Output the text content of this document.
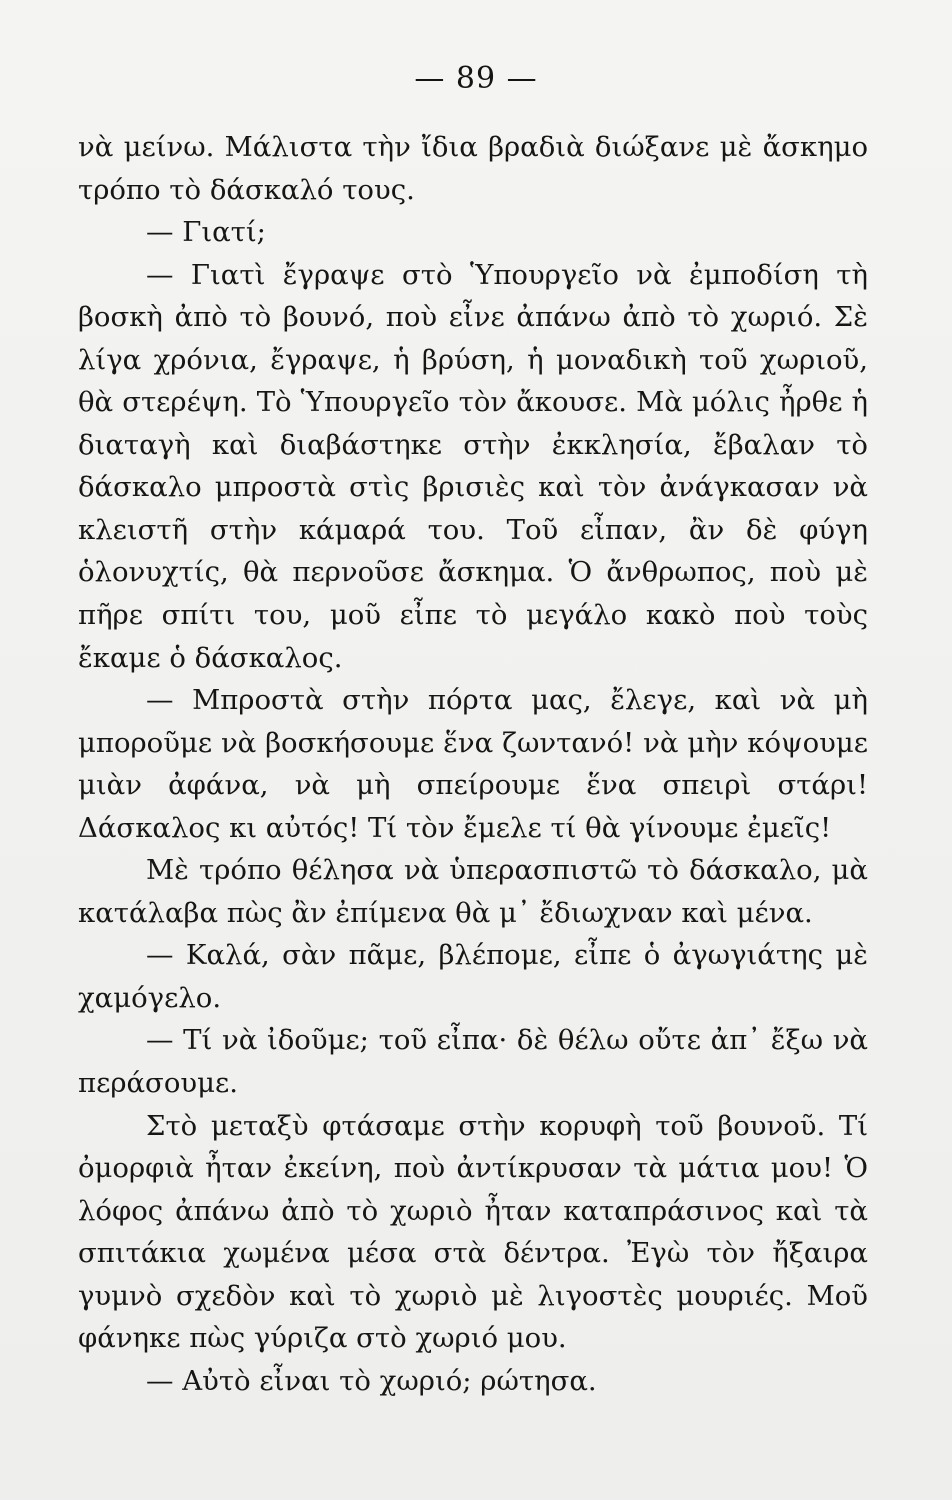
— 89 —

νὰ μείνω. Μάλιστα τὴν ἴδια βραδιὰ διώξανε μὲ ἄσκημο τρόπο τὸ δάσκαλό τους.

— Γιατί;

— Γιατὶ ἔγραψε στὸ Ὑπουργεῖο νὰ ἐμποδίση τὴ βοσκὴ ἀπὸ τὸ βουνό, ποὺ εἶνε ἀπάνω ἀπὸ τὸ χωριό. Σὲ λίγα χρόνια, ἔγραψε, ἡ βρύση, ἡ μοναδικὴ τοῦ χωριοῦ, θὰ στερέψη. Τὸ Ὑπουργεῖο τὸν ἄκουσε. Μὰ μόλις ἦρθε ἡ διαταγὴ καὶ διαβάστηκε στὴν ἐκκλησία, ἔβαλαν τὸ δάσκαλο μπροστὰ στὶς βρισιὲς καὶ τὸν ἀνάγκασαν νὰ κλειστῆ στὴν κάμαρά του. Τοῦ εἶπαν, ἂν δὲ φύγη ὁλονυχτίς, θὰ περνοῦσε ἄσκημα. Ὁ ἄνθρωπος, ποὺ μὲ πῆρε σπίτι του, μοῦ εἶπε τὸ μεγάλο κακὸ ποὺ τοὺς ἔκαμε ὁ δάσκαλος.

— Μπροστὰ στὴν πόρτα μας, ἔλεγε, καὶ νὰ μὴ μποροῦμε νὰ βοσκήσουμε ἕνα ζωντανό! νὰ μὴν κόψουμε μιὰν ἀφάνα, νὰ μὴ σπείρουμε ἕνα σπειρὶ στάρι! Δάσκαλος κι αὐτός! Τί τὸν ἔμελε τί θὰ γίνουμε ἐμεῖς!

Μὲ τρόπο θέλησα νὰ ὑπερασπιστῶ τὸ δάσκαλο, μὰ κατάλαβα πὼς ἂν ἐπίμενα θὰ μ᾽ ἔδιωχναν καὶ μένα.

— Καλά, σὰν πᾶμε, βλέπομε, εἶπε ὁ ἀγωγιάτης μὲ χαμόγελο.

— Τί νὰ ἰδοῦμε; τοῦ εἶπα· δὲ θέλω οὔτε ἀπ᾽ ἔξω νὰ περάσουμε.

Στὸ μεταξὺ φτάσαμε στὴν κορυφὴ τοῦ βουνοῦ. Τί ὀμορφιὰ ἦταν ἐκείνη, ποὺ ἀντίκρυσαν τὰ μάτια μου! Ὁ λόφος ἀπάνω ἀπὸ τὸ χωριὸ ἦταν καταπράσινος καὶ τὰ σπιτάκια χωμένα μέσα στὰ δέντρα. Ἐγὼ τὸν ἤξαιρα γυμνὸ σχεδὸν καὶ τὸ χωριὸ μὲ λιγοστὲς μουριές. Μοῦ φάνηκε πὼς γύριζα στὸ χωριό μου.

— Αὐτὸ εἶναι τὸ χωριό; ρώτησα.
